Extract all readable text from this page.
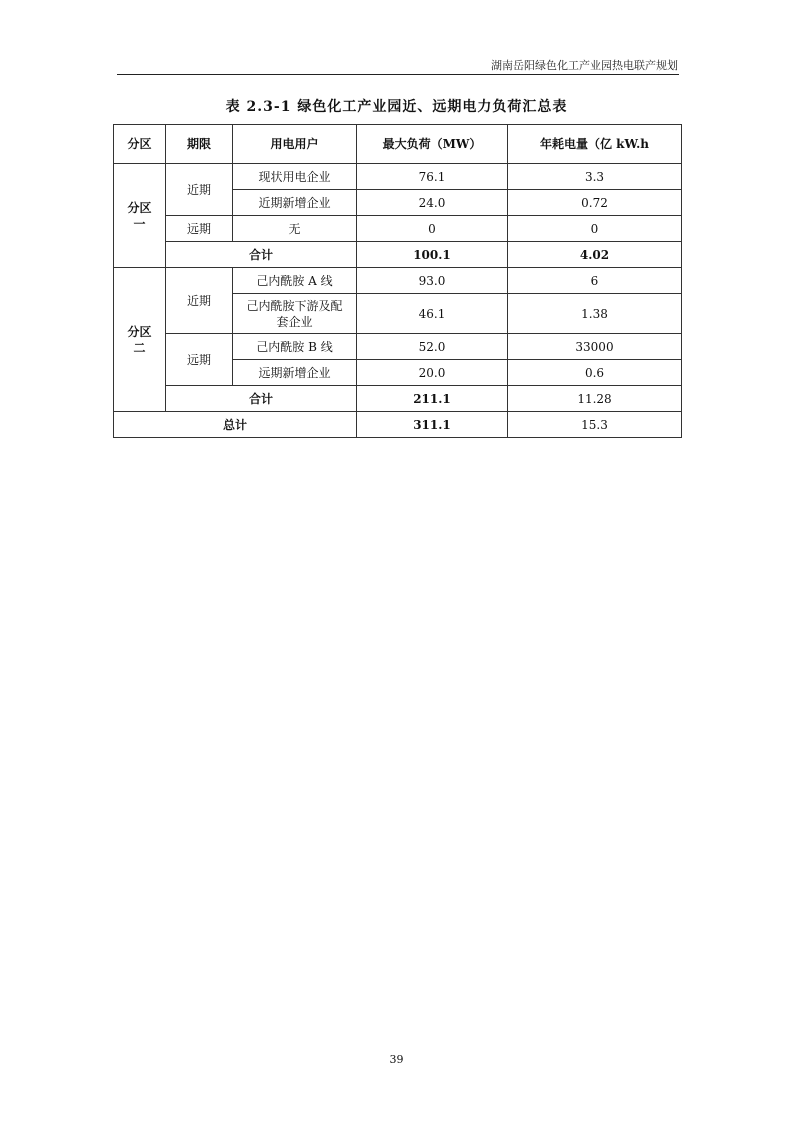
湖南岳阳绿色化工产业园热电联产规划
表 2.3-1 绿色化工产业园近、远期电力负荷汇总表
分区	期限	用电用户	最大负荷（MW）	年耗电量（亿 kW.h
分区一	近期	现状用电企业	76.1	3.3
		近期新增企业	24.0	0.72
	远期	无	0	0
	合计		100.1	4.02
分区二	近期	己内酰胺 A 线	93.0	6
		己内酰胺下游及配套企业	46.1	1.38
	远期	己内酰胺 B 线	52.0	33000
		远期新增企业	20.0	0.6
	合计		211.1	11.28
总计			311.1	15.3
39
